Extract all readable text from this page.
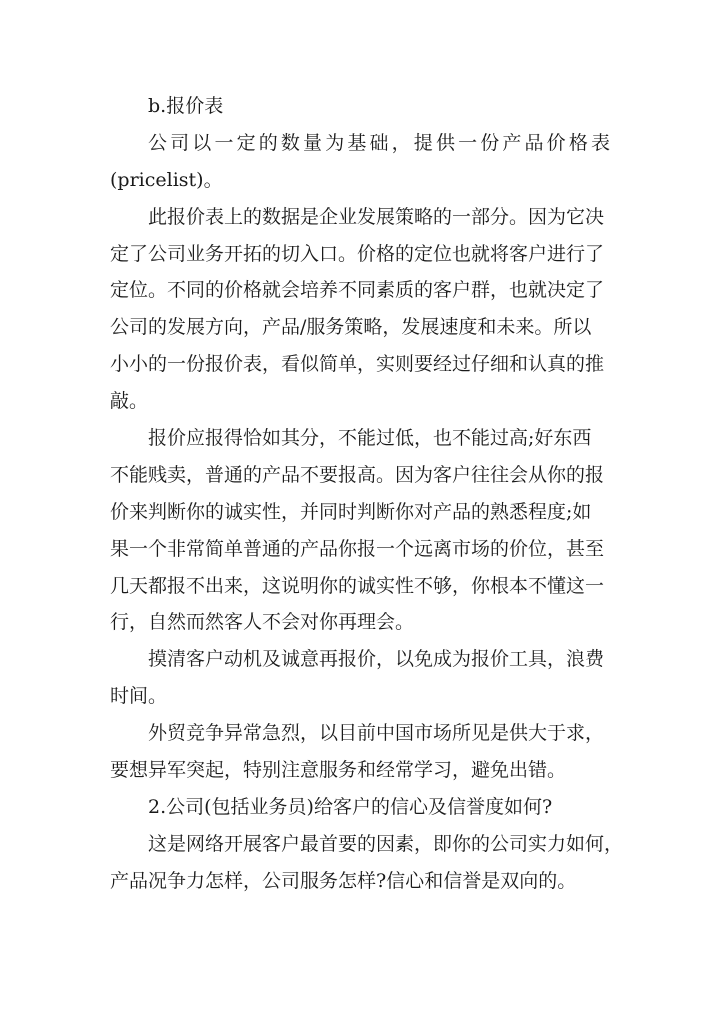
b.报价表
公司以一定的数量为基础，提供一份产品价格表
(pricelist)。
此报价表上的数据是企业发展策略的一部分。因为它决
定了公司业务开拓的切入口。价格的定位也就将客户进行了
定位。不同的价格就会培养不同素质的客户群，也就决定了
公司的发展方向，产品/服务策略，发展速度和未来。所以
小小的一份报价表，看似简单，实则要经过仔细和认真的推
敲。
报价应报得恰如其分，不能过低，也不能过高;好东西
不能贱卖，普通的产品不要报高。因为客户往往会从你的报
价来判断你的诚实性，并同时判断你对产品的熟悉程度;如
果一个非常简单普通的产品你报一个远离市场的价位，甚至
几天都报不出来，这说明你的诚实性不够，你根本不懂这一
行，自然而然客人不会对你再理会。
摸清客户动机及诚意再报价，以免成为报价工具，浪费
时间。
外贸竞争异常急烈，以目前中国市场所见是供大于求，
要想异军突起，特别注意服务和经常学习，避免出错。
2.公司(包括业务员)给客户的信心及信誉度如何?
这是网络开展客户最首要的因素，即你的公司实力如何，
产品况争力怎样，公司服务怎样?信心和信誉是双向的。
